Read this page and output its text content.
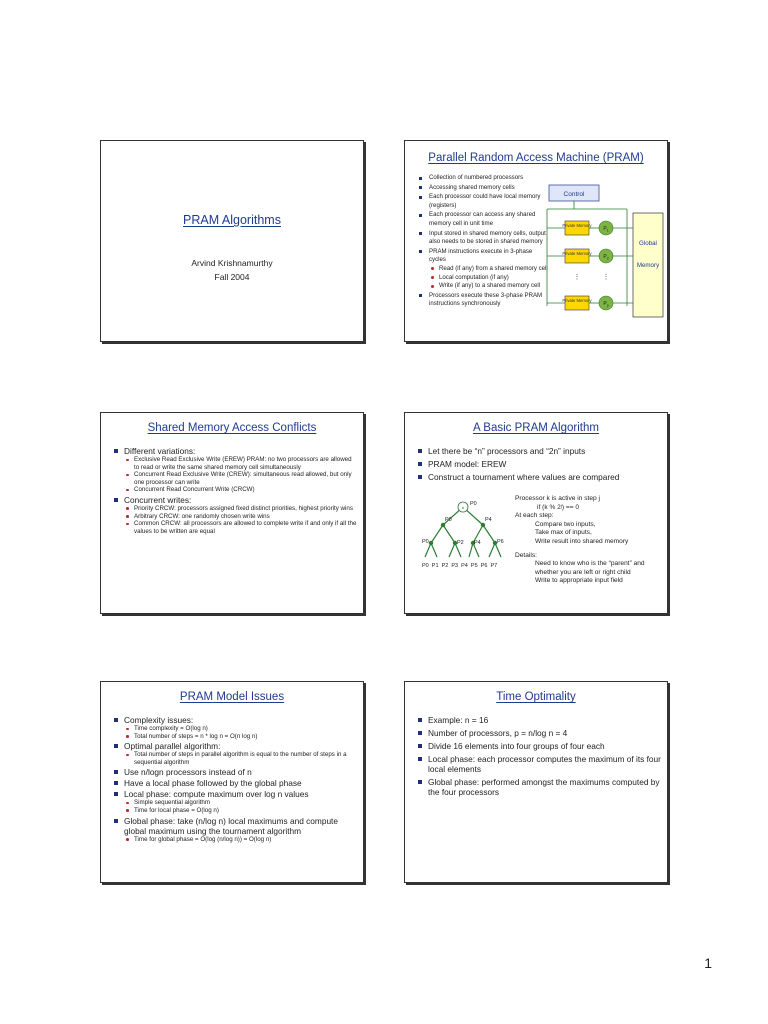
PRAM Algorithms
Arvind Krishnamurthy
Fall 2004
Parallel Random Access Machine (PRAM)
Collection of numbered processors
Accessing shared memory cells
Each processor could have local memory (registers)
Each processor can access any shared memory cell in unit time
Input stored in shared memory cells, output also needs to be stored in shared memory
PRAM instructions execute in 3-phase cycles
Read (if any) from a shared memory cell
Local computation (if any)
Write (if any) to a shared memory cell
Processors execute these 3-phase PRAM instructions synchronously
Control
Global
Memory
Private Memory
$P_1$
Private Memory
$P_2$
⋮	⋮
Private Memory
$P_p$
Shared Memory Access Conflicts
Different variations:
Exclusive Read Exclusive Write (EREW) PRAM: no two processors are allowed to read or write the same shared memory cell simultaneously
Concurrent Read Exclusive Write (CREW): simultaneous read allowed, but only one processor can write
Concurrent Read Concurrent Write (CRCW)
Concurrent writes:
Priority CRCW: processors assigned fixed distinct priorities, highest priority wins
Arbitrary CRCW: one randomly chosen write wins
Common CRCW: all processors are allowed to complete write if and only if all the values to be written are equal
A Basic PRAM Algorithm
Let there be “n” processors and “2n” inputs
PRAM model: EREW
Construct a tournament where values are compared
v
P0
P0	P4
P0	P2 P4	P6
P0  P1  P2  P3  P4  P5  P6  P7
Processor k is active in step j
if (k % 2ʲ) == 0
At each step:
Compare two inputs,
Take max of inputs,
Write result into shared memory
Details:
Need to know who is the “parent” and
whether you are left or right child
Write to appropriate input field
PRAM Model Issues
Complexity issues:
Time complexity = O(log n)
Total number of steps = n * log n = O(n log n)
Optimal parallel algorithm:
Total number of steps in parallel algorithm is equal to the number of steps in a sequential algorithm
Use n/logn processors instead of n
Have a local phase followed by the global phase
Local phase: compute maximum over log n values
Simple sequential algorithm
Time for local phase = O(log n)
Global phase: take (n/log n) local maximums and compute global maximum using the tournament algorithm
Time for global phase = O(log (n/log n)) = O(log n)
Time Optimality
Example: n = 16
Number of processors, p = n/log n = 4
Divide 16 elements into four groups of four each
Local phase: each processor computes the maximum of its four local elements
Global phase: performed amongst the maximums computed by the four processors
1
